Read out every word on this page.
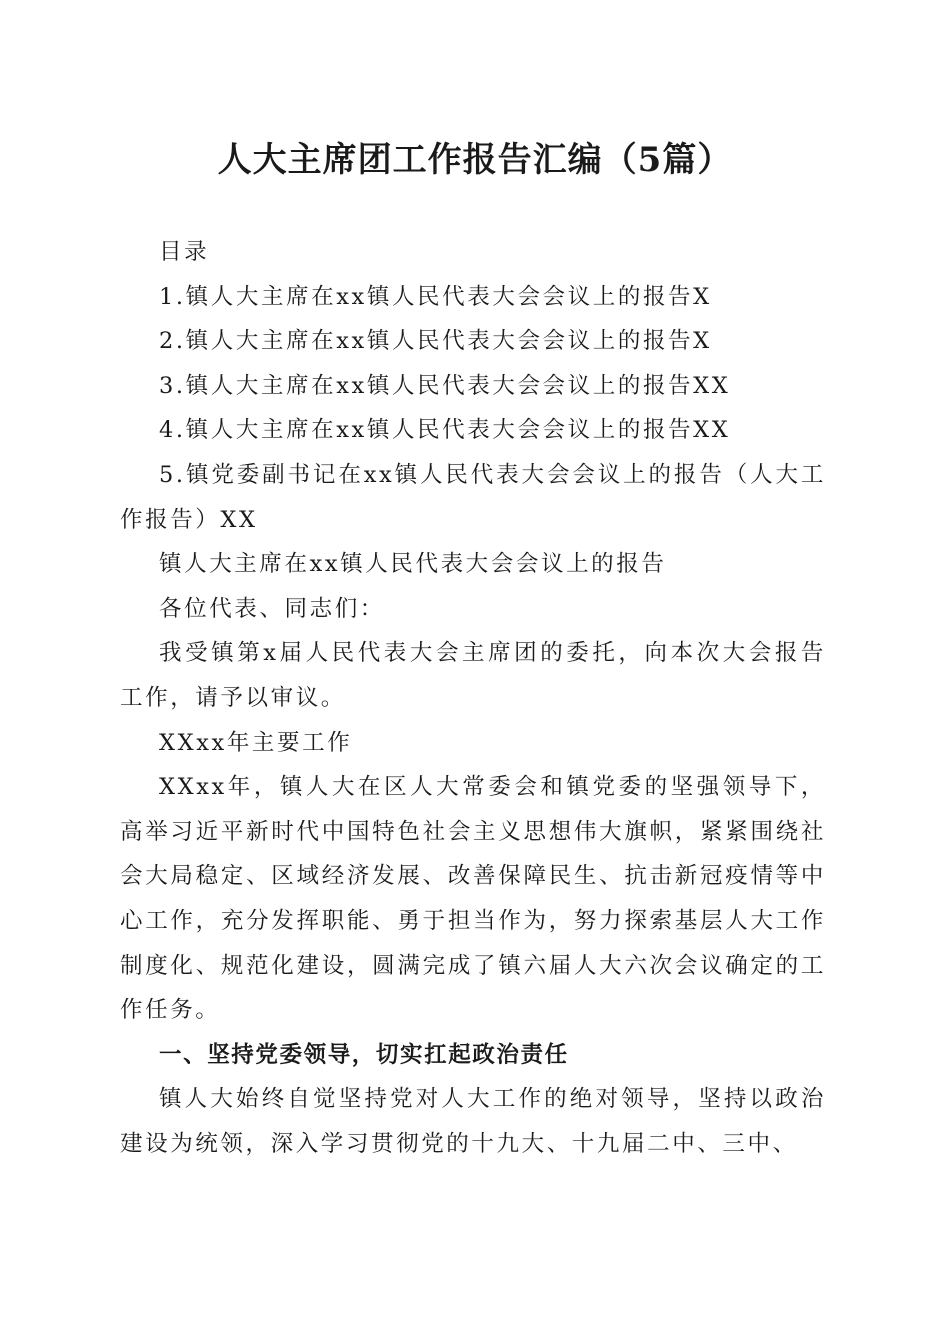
人大主席团工作报告汇编（5篇）

目录

1.镇人大主席在xx镇人民代表大会会议上的报告X

2.镇人大主席在xx镇人民代表大会会议上的报告X

3.镇人大主席在xx镇人民代表大会会议上的报告XX

4.镇人大主席在xx镇人民代表大会会议上的报告XX

5.镇党委副书记在xx镇人民代表大会会议上的报告（人大工作报告）XX

镇人大主席在xx镇人民代表大会会议上的报告

各位代表、同志们：

我受镇第x届人民代表大会主席团的委托，向本次大会报告工作，请予以审议。

XXxx年主要工作

XXxx年，镇人大在区人大常委会和镇党委的坚强领导下，高举习近平新时代中国特色社会主义思想伟大旗帜，紧紧围绕社会大局稳定、区域经济发展、改善保障民生、抗击新冠疫情等中心工作，充分发挥职能、勇于担当作为，努力探索基层人大工作制度化、规范化建设，圆满完成了镇六届人大六次会议确定的工作任务。

一、坚持党委领导，切实扛起政治责任

镇人大始终自觉坚持党对人大工作的绝对领导，坚持以政治建设为统领，深入学习贯彻党的十九大、十九届二中、三中、
